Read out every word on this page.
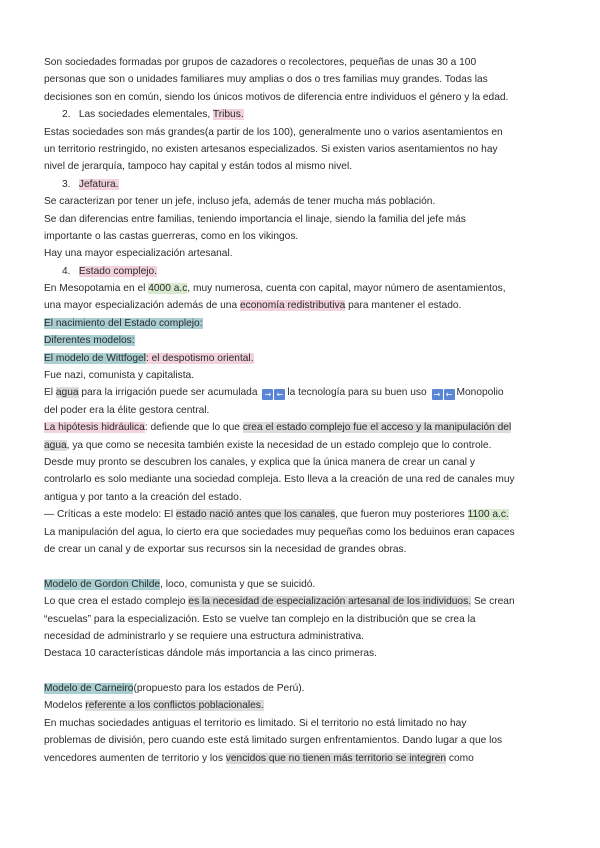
Son sociedades formadas por grupos de cazadores o recolectores, pequeñas de unas 30 a 100
personas que son o unidades familiares muy amplias o dos o tres familias muy grandes. Todas las
decisiones son en común, siendo los únicos motivos de diferencia entre individuos el género y la edad.
2. Las sociedades elementales, Tribus.
Estas sociedades son más grandes(a partir de los 100), generalmente uno o varios asentamientos en
un territorio restringido, no existen artesanos especializados. Si existen varios asentamientos no hay
nivel de jerarquía, tampoco hay capital y están todos al mismo nivel.
3. Jefatura.
Se caracterizan por tener un jefe, incluso jefa, además de tener mucha más población.
Se dan diferencias entre familias, teniendo importancia el linaje, siendo la familia del jefe más
importante o las castas guerreras, como en los vikingos.
Hay una mayor especialización artesanal.
4. Estado complejo.
En Mesopotamia en el 4000 a.c, muy numerosa, cuenta con capital, mayor número de asentamientos,
una mayor especialización además de una economía redistributiva para mantener el estado.
El nacimiento del Estado complejo:
Diferentes modelos:
El modelo de Wittfogel: el despotismo oriental.
Fue nazi, comunista y capitalista.
El agua para la irrigación puede ser acumulada → ← la tecnología para su buen uso → ← Monopolio
del poder era la élite gestora central.
La hipótesis hidráulica: defiende que lo que crea el estado complejo fue el acceso y la manipulación del
agua, ya que como se necesita también existe la necesidad de un estado complejo que lo controle.
Desde muy pronto se descubren los canales, y explica que la única manera de crear un canal y
controlarlo es solo mediante una sociedad compleja. Esto lleva a la creación de una red de canales muy
antigua y por tanto a la creación del estado.
— Críticas a este modelo: El estado nació antes que los canales, que fueron muy posteriores 1100 a.c.
La manipulación del agua, lo cierto era que sociedades muy pequeñas como los beduinos eran capaces
de crear un canal y de exportar sus recursos sin la necesidad de grandes obras.
Modelo de Gordon Childe, loco, comunista y que se suicidó.
Lo que crea el estado complejo es la necesidad de especialización artesanal de los individuos. Se crean
“escuelas” para la especialización. Esto se vuelve tan complejo en la distribución que se crea la
necesidad de administrarlo y se requiere una estructura administrativa.
Destaca 10 características dándole más importancia a las cinco primeras.
Modelo de Carneiro(propuesto para los estados de Perú).
Modelos referente a los conflictos poblacionales.
En muchas sociedades antiguas el territorio es limitado. Si el territorio no está limitado no hay
problemas de división, pero cuando este está limitado surgen enfrentamientos. Dando lugar a que los
vencedores aumenten de territorio y los vencidos que no tienen más territorio se integren como
